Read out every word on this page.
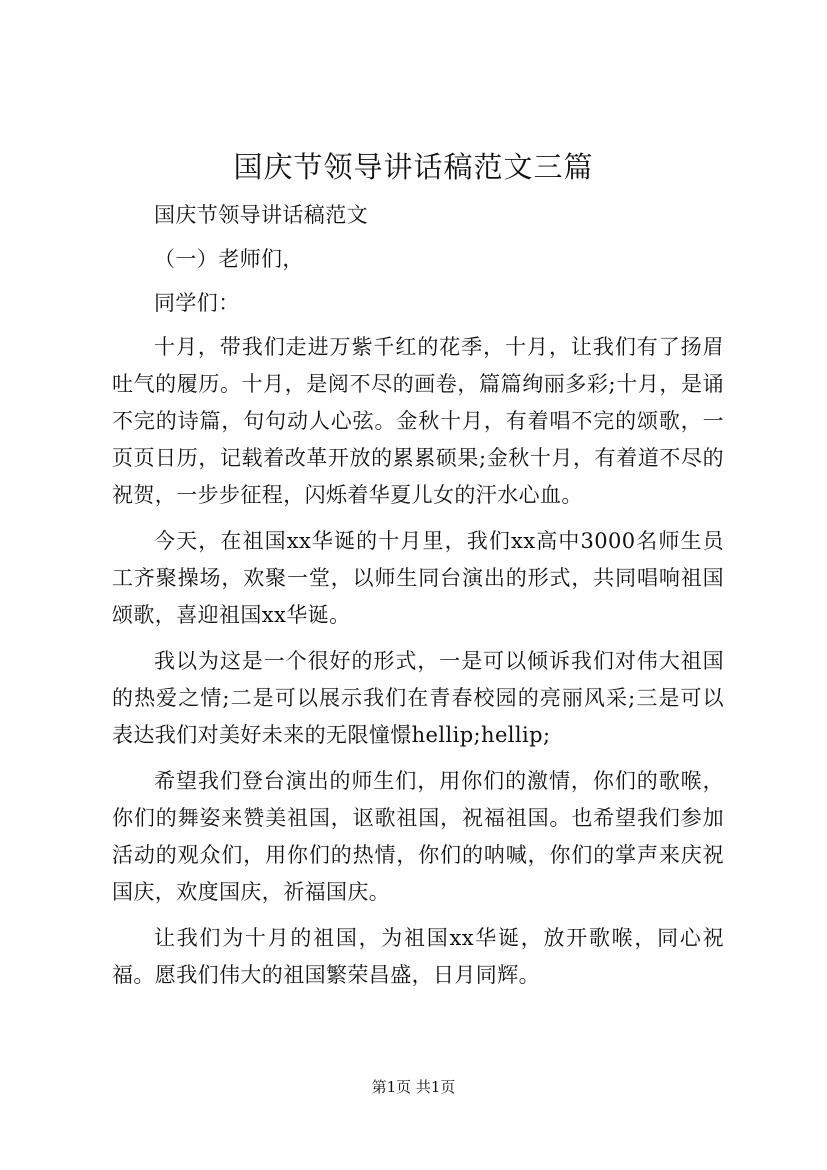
国庆节领导讲话稿范文三篇

国庆节领导讲话稿范文

（一）老师们，

同学们：

十月，带我们走进万紫千红的花季，十月，让我们有了扬眉吐气的履历。十月，是阅不尽的画卷，篇篇绚丽多彩;十月，是诵不完的诗篇，句句动人心弦。金秋十月，有着唱不完的颂歌，一页页日历，记载着改革开放的累累硕果;金秋十月，有着道不尽的祝贺，一步步征程，闪烁着华夏儿女的汗水心血。

今天，在祖国xx华诞的十月里，我们xx高中3000名师生员工齐聚操场，欢聚一堂，以师生同台演出的形式，共同唱响祖国颂歌，喜迎祖国xx华诞。

我以为这是一个很好的形式，一是可以倾诉我们对伟大祖国的热爱之情;二是可以展示我们在青春校园的亮丽风采;三是可以表达我们对美好未来的无限憧憬hellip;hellip;

希望我们登台演出的师生们，用你们的激情，你们的歌喉，你们的舞姿来赞美祖国，讴歌祖国，祝福祖国。也希望我们参加活动的观众们，用你们的热情，你们的呐喊，你们的掌声来庆祝国庆，欢度国庆，祈福国庆。

让我们为十月的祖国，为祖国xx华诞，放开歌喉，同心祝福。愿我们伟大的祖国繁荣昌盛，日月同辉。

第1页 共1页
